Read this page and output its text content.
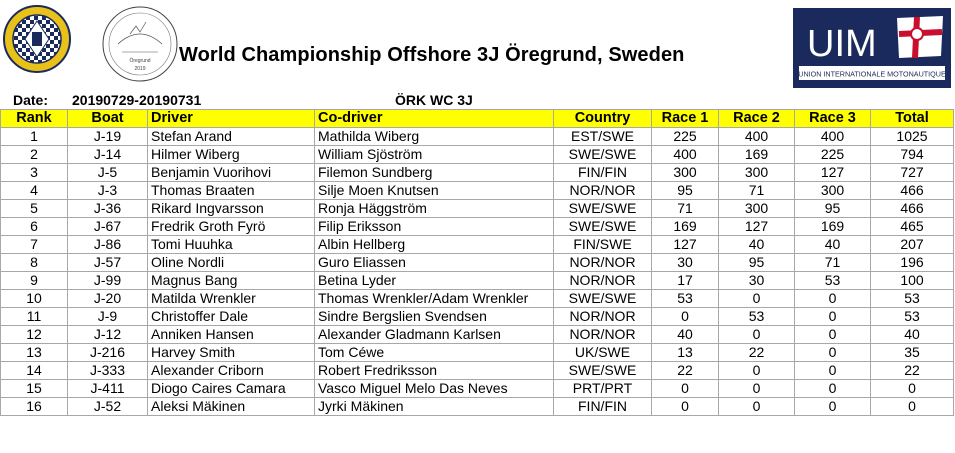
Öregrund
2019
UIM
UNION INTERNATIONALE MOTONAUTIQUE
World Championship Offshore 3J Öregrund, Sweden
Date: 20190729-20190731	ÖRK WC 3J
Rank	Boat	Driver	Co-driver	Country	Race 1	Race 2	Race 3	Total
1	J-19	Stefan Arand	Mathilda Wiberg	EST/SWE	225	400	400	1025
2	J-14	Hilmer Wiberg	William Sjöström	SWE/SWE	400	169	225	794
3	J-5	Benjamin Vuorihovi	Filemon Sundberg	FIN/FIN	300	300	127	727
4	J-3	Thomas Braaten	Silje Moen Knutsen	NOR/NOR	95	71	300	466
5	J-36	Rikard Ingvarsson	Ronja Häggström	SWE/SWE	71	300	95	466
6	J-67	Fredrik Groth Fyrö	Filip Eriksson	SWE/SWE	169	127	169	465
7	J-86	Tomi Huuhka	Albin Hellberg	FIN/SWE	127	40	40	207
8	J-57	Oline Nordli	Guro Eliassen	NOR/NOR	30	95	71	196
9	J-99	Magnus Bang	Betina Lyder	NOR/NOR	17	30	53	100
10	J-20	Matilda Wrenkler	Thomas Wrenkler/Adam Wrenkler	SWE/SWE	53	0	0	53
11	J-9	Christoffer Dale	Sindre Bergslien Svendsen	NOR/NOR	0	53	0	53
12	J-12	Anniken Hansen	Alexander Gladmann Karlsen	NOR/NOR	40	0	0	40
13	J-216	Harvey Smith	Tom Céwe	UK/SWE	13	22	0	35
14	J-333	Alexander Criborn	Robert Fredriksson	SWE/SWE	22	0	0	22
15	J-411	Diogo Caires Camara	Vasco Miguel Melo Das Neves	PRT/PRT	0	0	0	0
16	J-52	Aleksi Mäkinen	Jyrki Mäkinen	FIN/FIN	0	0	0	0
